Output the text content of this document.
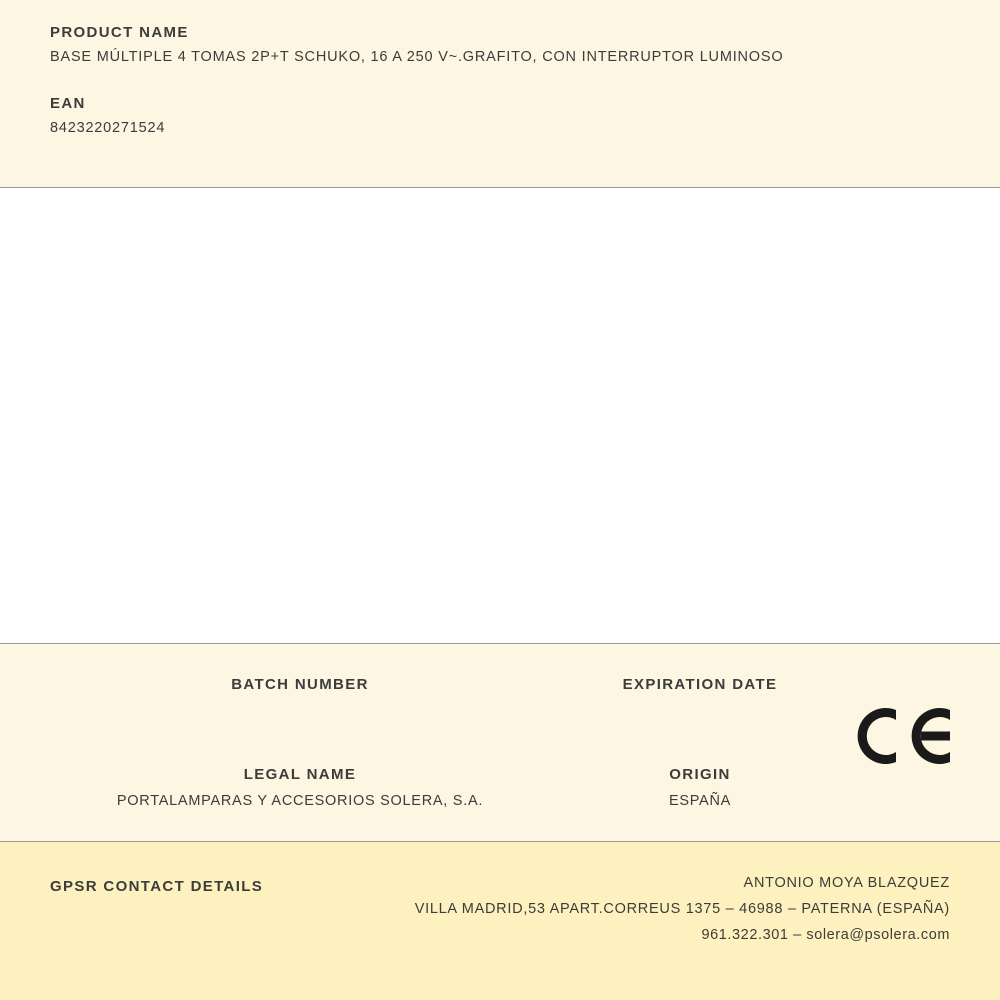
PRODUCT NAME
BASE MÚLTIPLE 4 TOMAS 2P+T SCHUKO, 16 A 250 V~.GRAFITO, CON INTERRUPTOR LUMINOSO
EAN
8423220271524
BATCH NUMBER	EXPIRATION DATE
LEGAL NAME
PORTALAMPARAS Y ACCESORIOS SOLERA, S.A.
ORIGIN
ESPAÑA
GPSR CONTACT DETAILS	ANTONIO MOYA BLAZQUEZ
VILLA MADRID,53 APART.CORREUS 1375 – 46988 – PATERNA (ESPAÑA)
961.322.301 – solera@psolera.com
